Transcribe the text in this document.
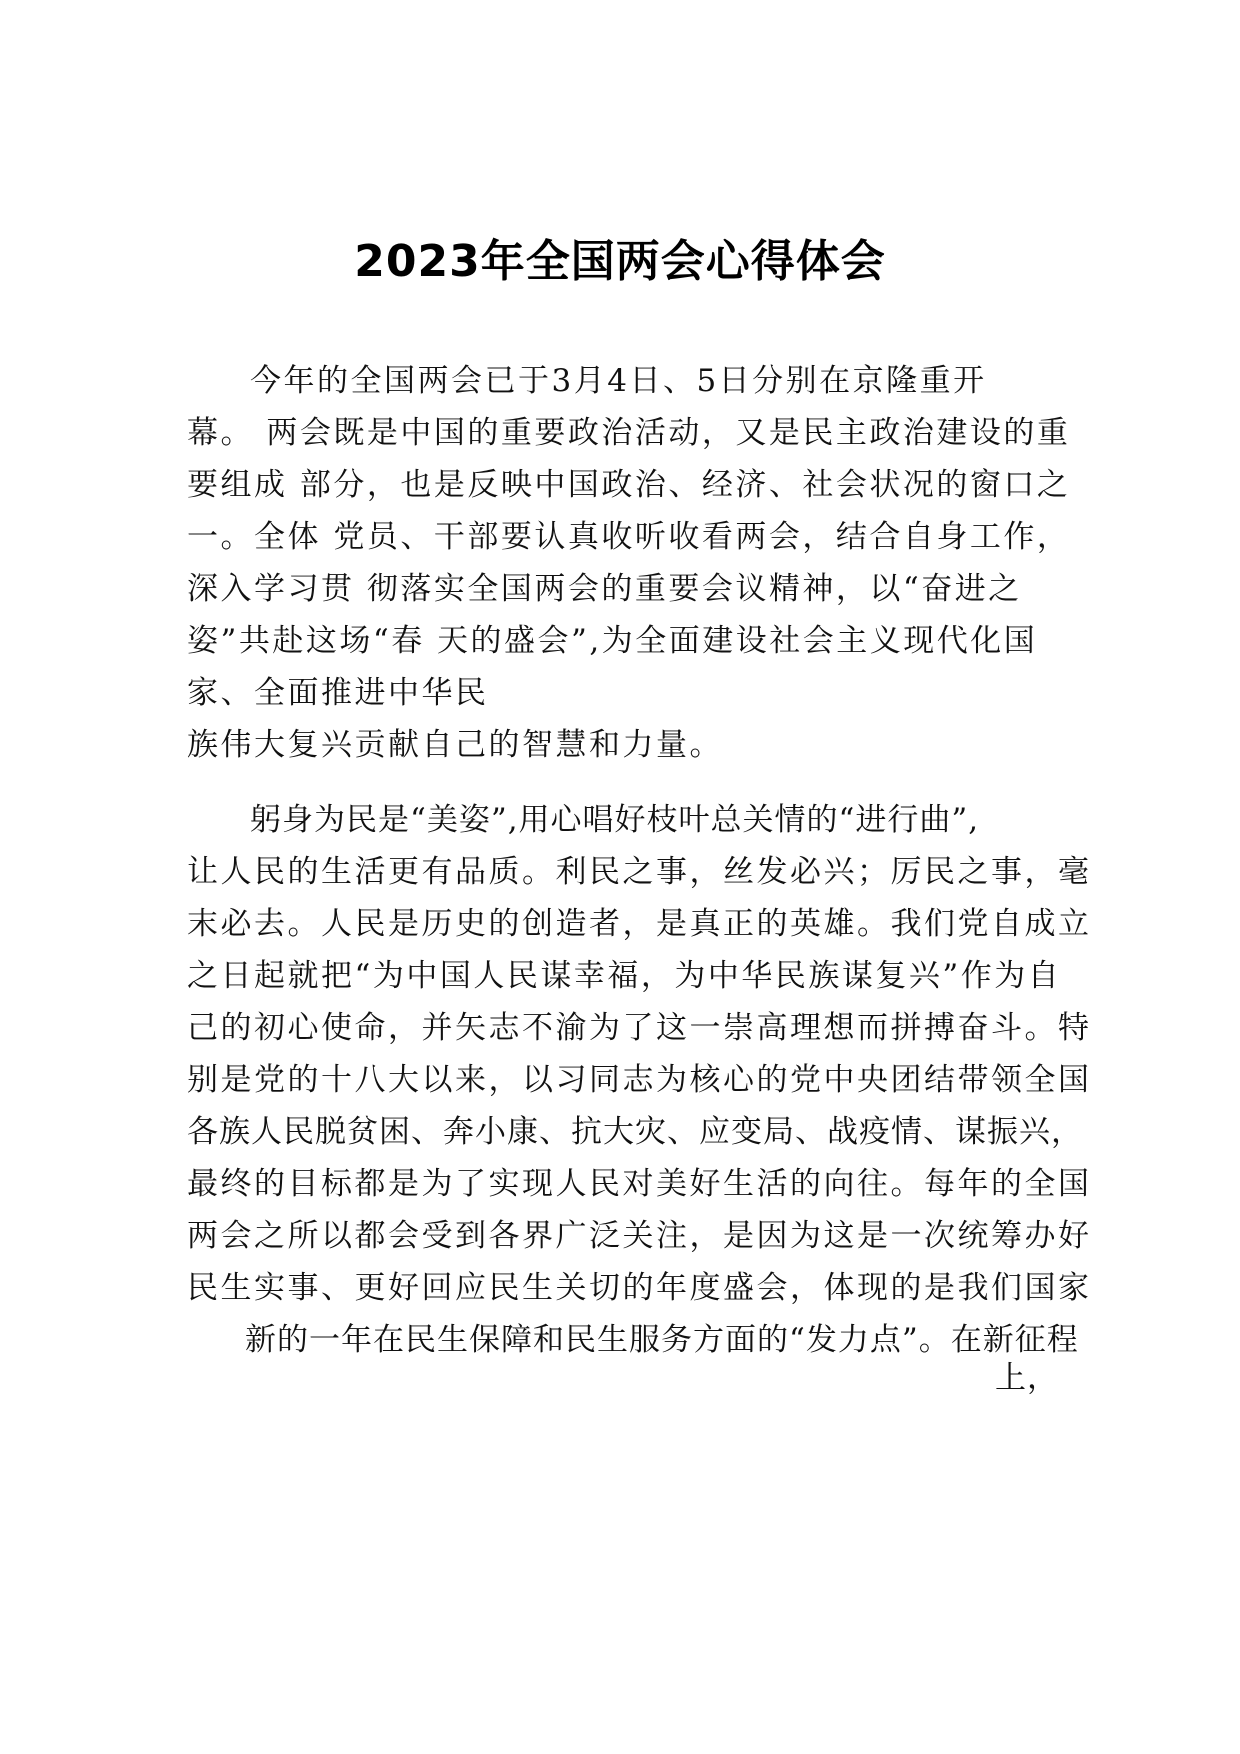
2023年全国两会心得体会
今年的全国两会已于3月4日、5日分别在京隆重开
幕。 两会既是中国的重要政治活动，又是民主政治建设的重
要组成 部分，也是反映中国政治、经济、社会状况的窗口之
一。全体 党员、干部要认真收听收看两会，结合自身工作，
深入学习贯 彻落实全国两会的重要会议精神，以“奋进之
姿”共赴这场“春 天的盛会”,为全面建设社会主义现代化国
家、全面推进中华民
族伟大复兴贡献自己的智慧和力量。
躬身为民是“美姿”,用心唱好枝叶总关情的“进行曲”,
让人民的生活更有品质。利民之事，丝发必兴；厉民之事，毫
末必去。人民是历史的创造者，是真正的英雄。我们党自成立
之日起就把“为中国人民谋幸福，为中华民族谋复兴”作为自
己的初心使命，并矢志不渝为了这一崇高理想而拼搏奋斗。特
别是党的十八大以来，以习同志为核心的党中央团结带领全国
各族人民脱贫困、奔小康、抗大灾、应变局、战疫情、谋振兴，
最终的目标都是为了实现人民对美好生活的向往。每年的全国
两会之所以都会受到各界广泛关注，是因为这是一次统筹办好
民生实事、更好回应民生关切的年度盛会，体现的是我们国家
新的一年在民生保障和民生服务方面的“发力点”。在新征程
上，
